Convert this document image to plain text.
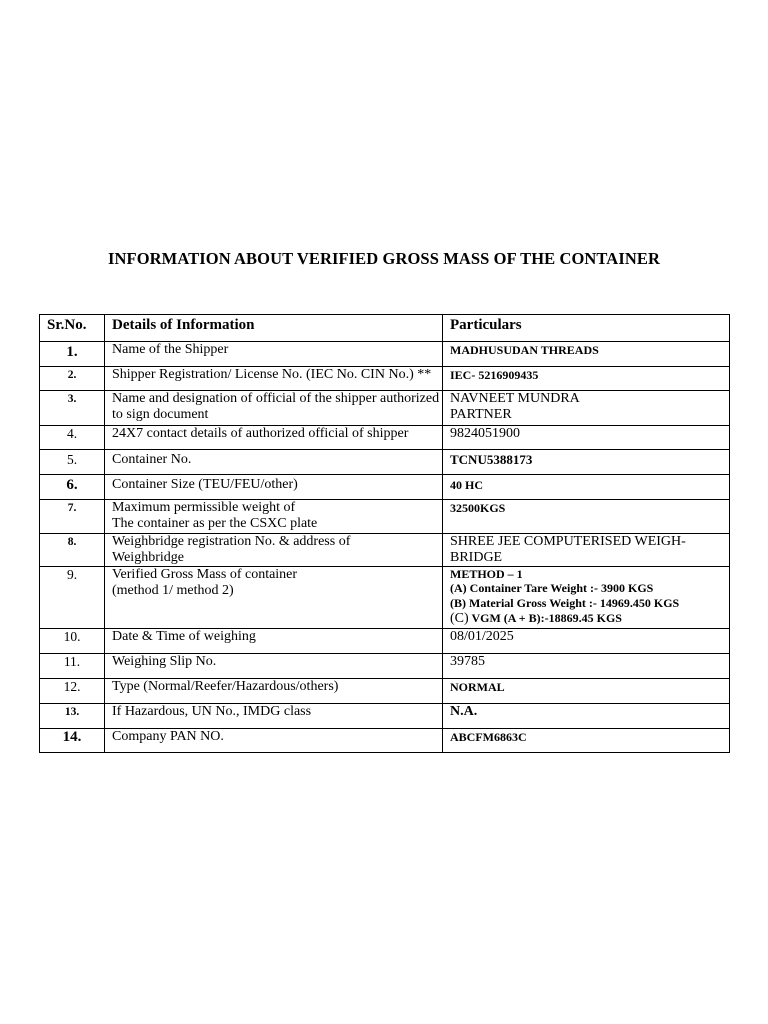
INFORMATION ABOUT VERIFIED GROSS MASS OF THE CONTAINER
Sr.No.	Details of Information	Particulars
1.	Name of the Shipper	MADHUSUDAN THREADS

2.	Shipper Registration/ License No. (IEC No. CIN No.) **	IEC- 5216909435

3.	Name and designation of official of the shipper authorized
to sign document	NAVNEET MUNDRA
PARTNER

4.	24X7 contact details of authorized official of shipper	9824051900

5.	Container No.	TCNU5388173

6.	Container Size (TEU/FEU/other)	40 HC

7.	Maximum permissible weight of
The container as per the CSXC plate	32500KGS

8.	Weighbridge registration No. & address of
Weighbridge	SHREE JEE COMPUTERISED WEIGH-
BRIDGE

9.	Verified Gross Mass of container
(method 1/ method 2)	METHOD – 1
(A) Container Tare Weight :- 3900 KGS
(B) Material Gross Weight :- 14969.450 KGS
(C) VGM (A + B):-18869.45 KGS

10.	Date & Time of weighing	08/01/2025

11.	Weighing Slip No.	39785

12.	Type (Normal/Reefer/Hazardous/others)	NORMAL

13.	If Hazardous, UN No., IMDG class	N.A.

14.	Company PAN NO.	ABCFM6863C
